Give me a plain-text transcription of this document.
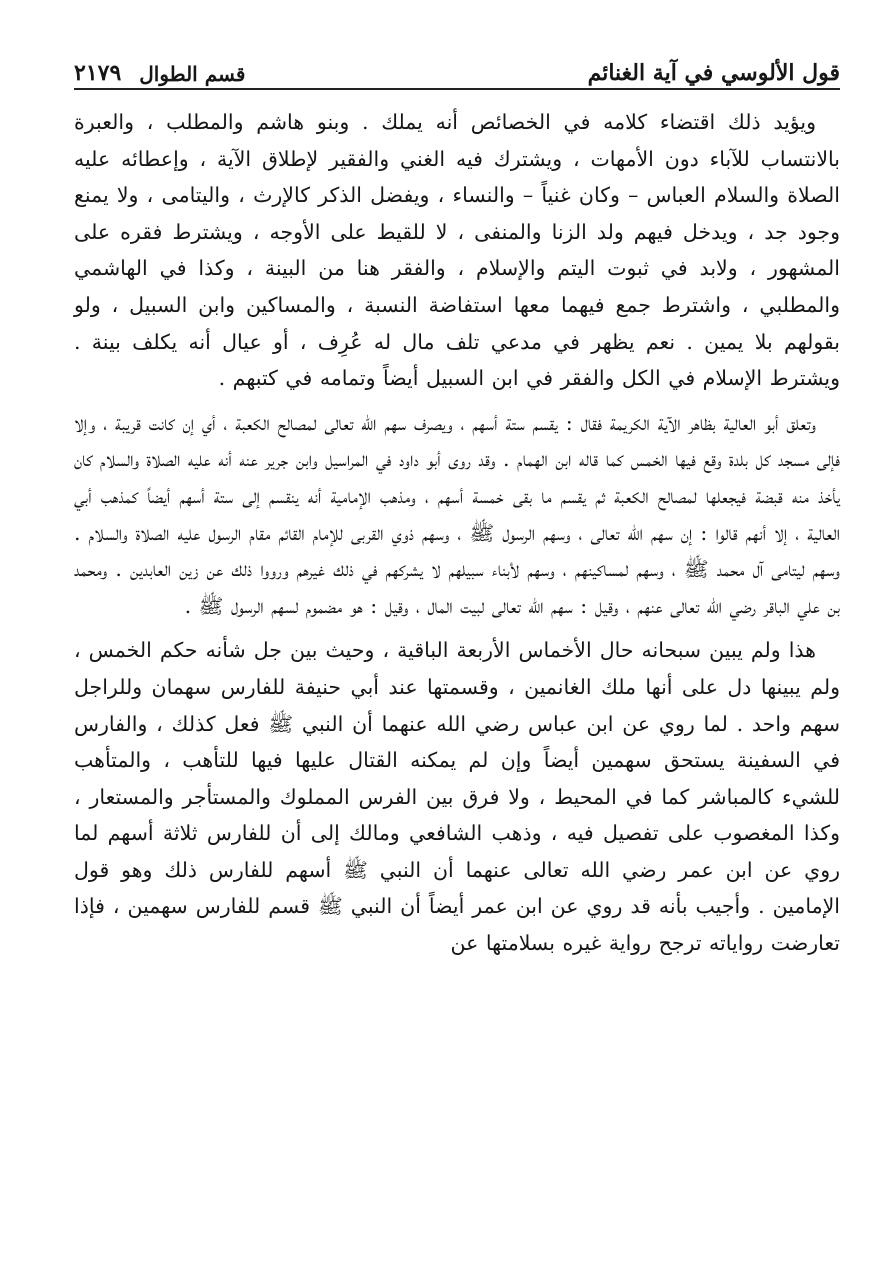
قول الألوسي في آية الغنائم
قسم الطوال
٢١٧٩

ويؤيد ذلك اقتضاء كلامه في الخصائص أنه يملك . وبنو هاشم والمطلب ، والعبرة بالانتساب للآباء دون الأمهات ، ويشترك فيه الغني والفقير لإطلاق الآية ، وإعطائه عليه الصلاة والسلام العباس – وكان غنياً – والنساء ، ويفضل الذكر كالإرث ، واليتامى ، ولا يمنع وجود جد ، ويدخل فيهم ولد الزنا والمنفى ، لا للقيط على الأوجه ، ويشترط فقره على المشهور ، ولابد في ثبوت اليتم والإسلام ، والفقر هنا من البينة ، وكذا في الهاشمي والمطلبي ، واشترط جمع فيهما معها استفاضة النسبة ، والمساكين وابن السبيل ، ولو بقولهم بلا يمين . نعم يظهر في مدعي تلف مال له عُرِف ، أو عيال أنه يكلف بينة . ويشترط الإسلام في الكل والفقر في ابن السبيل أيضاً وتمامه في كتبهم .

وتعلق أبو العالية بظاهر الآية الكريمة فقال : يقسم ستة أسهم ، ويصرف سهم الله تعالى لمصالح الكعبة ، أي إن كانت قريبة ، وإلا فإلى مسجد كل بلدة وقع فيها الخمس كما قاله ابن الهمام . وقد روى أبو داود في المراسيل وابن جرير عنه أنه عليه الصلاة والسلام كان يأخذ منه قبضة فيجعلها لمصالح الكعبة ثم يقسم ما بقى خمسة أسهم ، ومذهب الإمامية أنه ينقسم إلى ستة أسهم أيضاً كمذهب أبي العالية ، إلا أنهم قالوا : إن سهم الله تعالى ، وسهم الرسول ﷺ ، وسهم ذوي القربى للإمام القائم مقام الرسول عليه الصلاة والسلام . وسهم ليتامى آل محمد ﷺ ، وسهم لمساكينهم ، وسهم لأبناء سبيلهم لا يشركهم في ذلك غيرهم ورووا ذلك عن زين العابدين . ومحمد بن علي الباقر رضي الله تعالى عنهم ، وقيل : سهم الله تعالى لبيت المال ، وقيل : هو مضموم لسهم الرسول ﷺ .

هذا ولم يبين سبحانه حال الأخماس الأربعة الباقية ، وحيث بين جل شأنه حكم الخمس ، ولم يبينها دل على أنها ملك الغانمين ، وقسمتها عند أبي حنيفة للفارس سهمان وللراجل سهم واحد . لما روي عن ابن عباس رضي الله عنهما أن النبي ﷺ فعل كذلك ، والفارس في السفينة يستحق سهمين أيضاً وإن لم يمكنه القتال عليها فيها للتأهب ، والمتأهب للشيء كالمباشر كما في المحيط ، ولا فرق بين الفرس المملوك والمستأجر والمستعار ، وكذا المغصوب على تفصيل فيه ، وذهب الشافعي ومالك إلى أن للفارس ثلاثة أسهم لما روي عن ابن عمر رضي الله تعالى عنهما أن النبي ﷺ أسهم للفارس ذلك وهو قول الإمامين . وأجيب بأنه قد روي عن ابن عمر أيضاً أن النبي ﷺ قسم للفارس سهمين ، فإذا تعارضت رواياته ترجح رواية غيره بسلامتها عن
